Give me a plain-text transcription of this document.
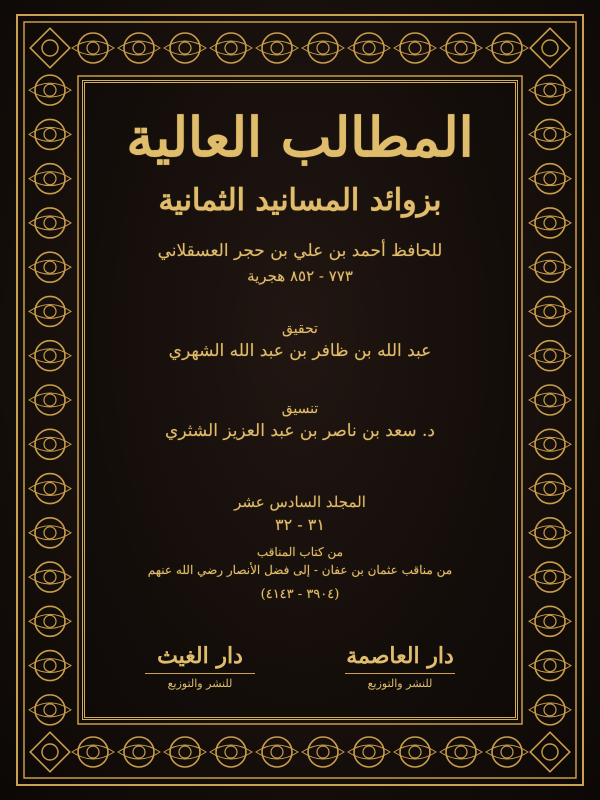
المطالب العالية
بزوائد المسانيد الثمانية
للحافظ أحمد بن علي بن حجر العسقلاني
٧٧٣ - ٨٥٢ هجرية
تحقيق
عبد الله بن ظافر بن عبد الله الشهري
تنسيق
د. سعد بن ناصر بن عبد العزيز الشثري
المجلد السادس عشر
٣١ - ٣٢
من كتاب المناقب
من مناقب عثمان بن عفان - إلى فضل الأنصار رضي الله عنهم
(٣٩٠٤ - ٤١٤٣)
دار العاصمة
للنشر والتوزيع
دار الغيث
للنشر والتوزيع
